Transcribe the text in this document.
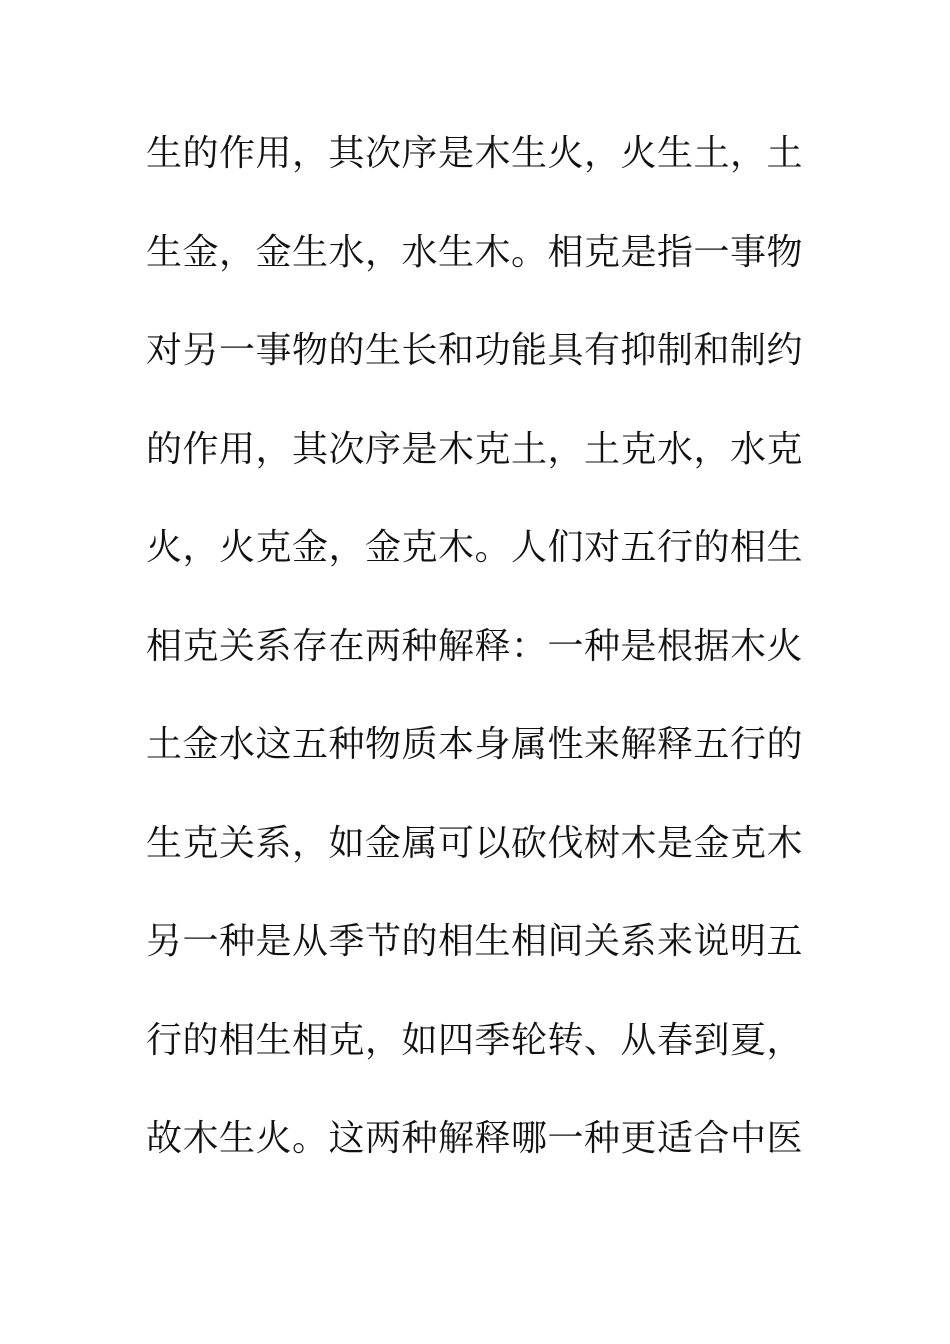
生的作用，其次序是木生火，火生土，土
生金，金生水，水生木。相克是指一事物
对另一事物的生长和功能具有抑制和制约
的作用，其次序是木克土，土克水，水克
火，火克金，金克木。人们对五行的相生
相克关系存在两种解释：一种是根据木火
土金水这五种物质本身属性来解释五行的
生克关系，如金属可以砍伐树木是金克木
另一种是从季节的相生相间关系来说明五
行的相生相克，如四季轮转、从春到夏，
故木生火。这两种解释哪一种更适合中医
